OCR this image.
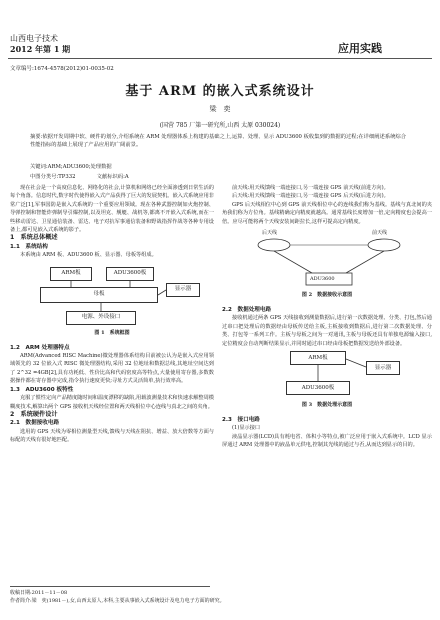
山西电子技术
2012 年第 1 期	应用实践
文章编号:1674-4578(2012)01-0035-02
基于 ARM 的嵌入式系统设计
梁　奕
(国营 785 厂第一研究所,山西 太原 030024)
摘要:依据开发周期中软、硬件的划分,介绍系统在 ARM 处理器体系上构建的基础之上,运算、处理、显示 ADU3600 板收集到的数据的过程;在详细阐述系统综合性能指标的基础上展现了产品应用的广阔前景。
关键词:ARM;ADU3600;处理数据
中图分类号:TP332　　　　文献标识码:A
现在社会是一个高度信息化、网络化的社会,计算机和网络已经全面渗透到日常生活的每个角落。信息时代,数字时代使得嵌入式产品获得了巨大的发展契机。嵌入式系统应用非常广泛[1],军事国防是嵌入式系统的一个重要应用领域。现在各种武器控制如火炮控制、导弹控制和智能炸弹制导引爆控制,以及坦克、舰艇、战机等,都离不开嵌入式系统,而在一些移动雷达、卫星通信装备、雷达、电子对抗军事通信装备和野战指挥作战等各种专用设备上,都可见嵌入式系统的影子。
1　系统总体概述
1.1　系统结构
本系统由 ARM 板、ADU3600 板、显示器、母板等组成。
ARM板	ADU3600板
显示器
母板
电源、外设接口
图 1　系统框图
1.2　ARM 处理器特点
ARM(Advanced RISC Machine)微处理器体系结构目前被公认为是嵌入式应用领域领先的 32 位嵌入式 RISC 微处理器结构,采用 32 位地址和数据总线,其地址空间达到了 2^32 =4GB[2],具有功耗低、性价比高和代码密度高等特点,大量使用寄存器,多数数据操作都在寄存器中完成,指令执行速度更快;寻址方式灵活简单,执行效率高。
1.3　ADU3600 板特性
克服了惯性定向产品精度随时间和温度漂移的缺陷,用载波测量技术和快速求解整周模糊度技术,解算出两个 GPS 接收机天线经位置和两天线相位中心连线与真北之间的夹角。
2　系统硬件设计
2.1　数据接收电路
选用的 GPS 天线为零相位测量型天线,馈线与天线在阻抗、增益、放大倍数等方面与标配的天线有很好地匹配。
前天线:用天线馈线一端连接口,另一端连接 GPS 前天线(前进方向)。
后天线:用天线馈线一端连接口,另一端连接 GPS 后天线(后进方向)。
GPS 后天线相位中心到 GPS 前天线相位中心的连线我们称为基线。基线与真北间的夹角我们称为方位角。基线精确定向精度就越高。通常基线长度增加一倍,定向精度也会提高一倍。应尽可能将两个天线安装间距拉长,这样可提高定向精度。
后天线	前天线
ADU3600
图 2　数据接收示意图
2.2　数据处理电路
接收机通过两条 GPS 天线接收到测量数据后,进行第一次数据处理、分类、打包,然后通过串口把处理后的数据经由母板传送给主板,主板接收到数据后,进行第二次数据处理、分类、打包等一系列工作。主板与母板之间为一对通讯,主板与母板还具有单独电源输入接口,定位精度会自动判断结果显示,并同时通过串口经由母板把数据发送给外部设备。
ARM板
显示器
ADU3600板
图 3　数据处理示意图
2.3　接口电路
(1)显示接口
液晶显示器(LCD)具有耗电省、体积小等特点,被广泛应用于嵌入式系统中。LCD 显示屏通过 ARM 处理器中的液晶单元供电,控制其光线的通过与否,从而达到显示的目的。
收稿日期:2011－11－08
作者简介:梁　奕(1981－),女,山西太原人,本科,主要从事嵌入式系统设计及电力电子方面的研究。
